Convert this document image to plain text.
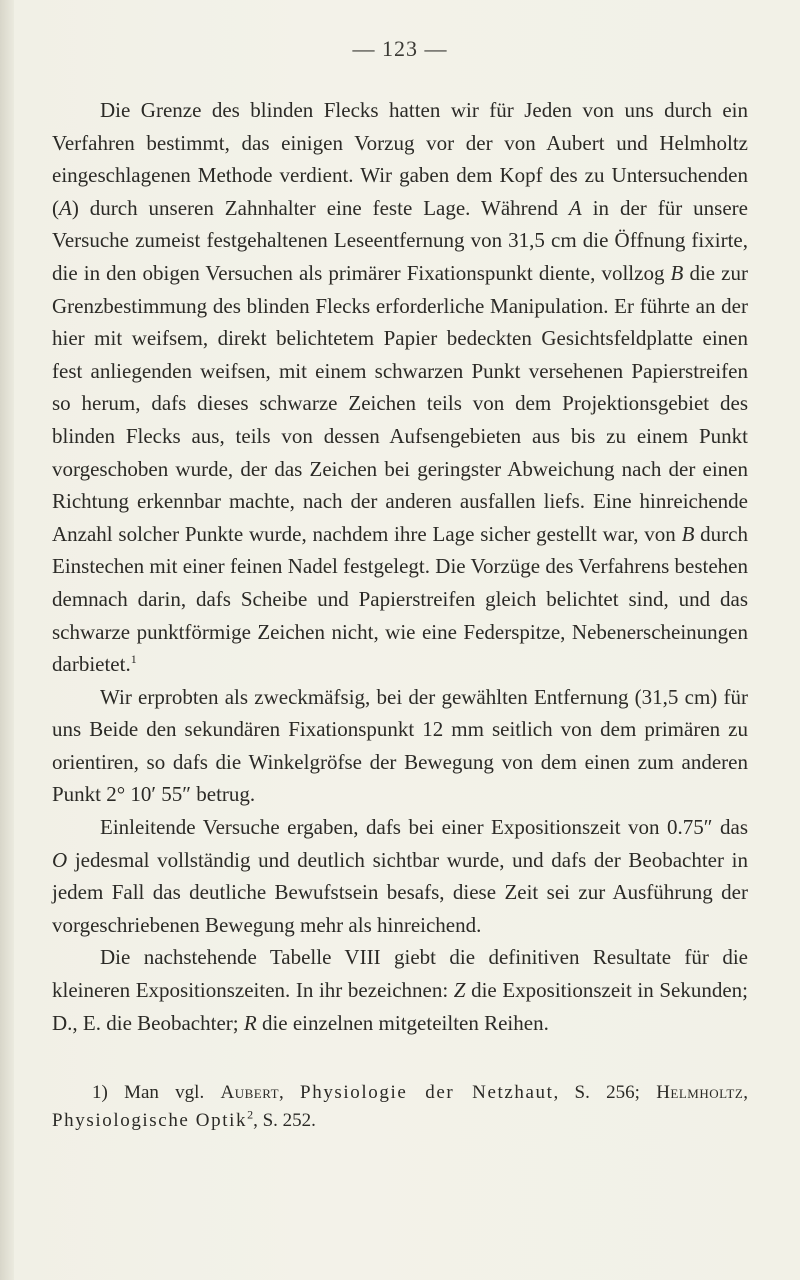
— 123 —

Die Grenze des blinden Flecks hatten wir für Jeden von uns durch ein Verfahren bestimmt, das einigen Vorzug vor der von Aubert und Helmholtz eingeschlagenen Methode verdient. Wir gaben dem Kopf des zu Untersuchenden (A) durch unseren Zahnhalter eine feste Lage. Während A in der für unsere Versuche zumeist festgehaltenen Leseentfernung von 31,5 cm die Öffnung fixirte, die in den obigen Versuchen als primärer Fixationspunkt diente, vollzog B die zur Grenzbestimmung des blinden Flecks erforderliche Manipulation. Er führte an der hier mit weifsem, direkt belichtetem Papier bedeckten Gesichtsfeldplatte einen fest anliegenden weifsen, mit einem schwarzen Punkt versehenen Papierstreifen so herum, dafs dieses schwarze Zeichen teils von dem Projektionsgebiet des blinden Flecks aus, teils von dessen Aufsengebieten aus bis zu einem Punkt vorgeschoben wurde, der das Zeichen bei geringster Abweichung nach der einen Richtung erkennbar machte, nach der anderen ausfallen liefs. Eine hinreichende Anzahl solcher Punkte wurde, nachdem ihre Lage sicher gestellt war, von B durch Einstechen mit einer feinen Nadel festgelegt. Die Vorzüge des Verfahrens bestehen demnach darin, dafs Scheibe und Papierstreifen gleich belichtet sind, und das schwarze punktförmige Zeichen nicht, wie eine Federspitze, Nebenerscheinungen darbietet.$^1$

Wir erprobten als zweckmäfsig, bei der gewählten Entfernung (31,5 cm) für uns Beide den sekundären Fixationspunkt 12 mm seitlich von dem primären zu orientiren, so dafs die Winkelgröfse der Bewegung von dem einen zum anderen Punkt 2° 10′ 55″ betrug.

Einleitende Versuche ergaben, dafs bei einer Expositionszeit von 0.75″ das O jedesmal vollständig und deutlich sichtbar wurde, und dafs der Beobachter in jedem Fall das deutliche Bewufstsein besafs, diese Zeit sei zur Ausführung der vorgeschriebenen Bewegung mehr als hinreichend.

Die nachstehende Tabelle VIII giebt die definitiven Resultate für die kleineren Expositionszeiten. In ihr bezeichnen: Z die Expositionszeit in Sekunden; D., E. die Beobachter; R die einzelnen mitgeteilten Reihen.

1) Man vgl. Aubert, Physiologie der Netzhaut, S. 256; Helmholtz, Physiologische Optik$^2$, S. 252.
